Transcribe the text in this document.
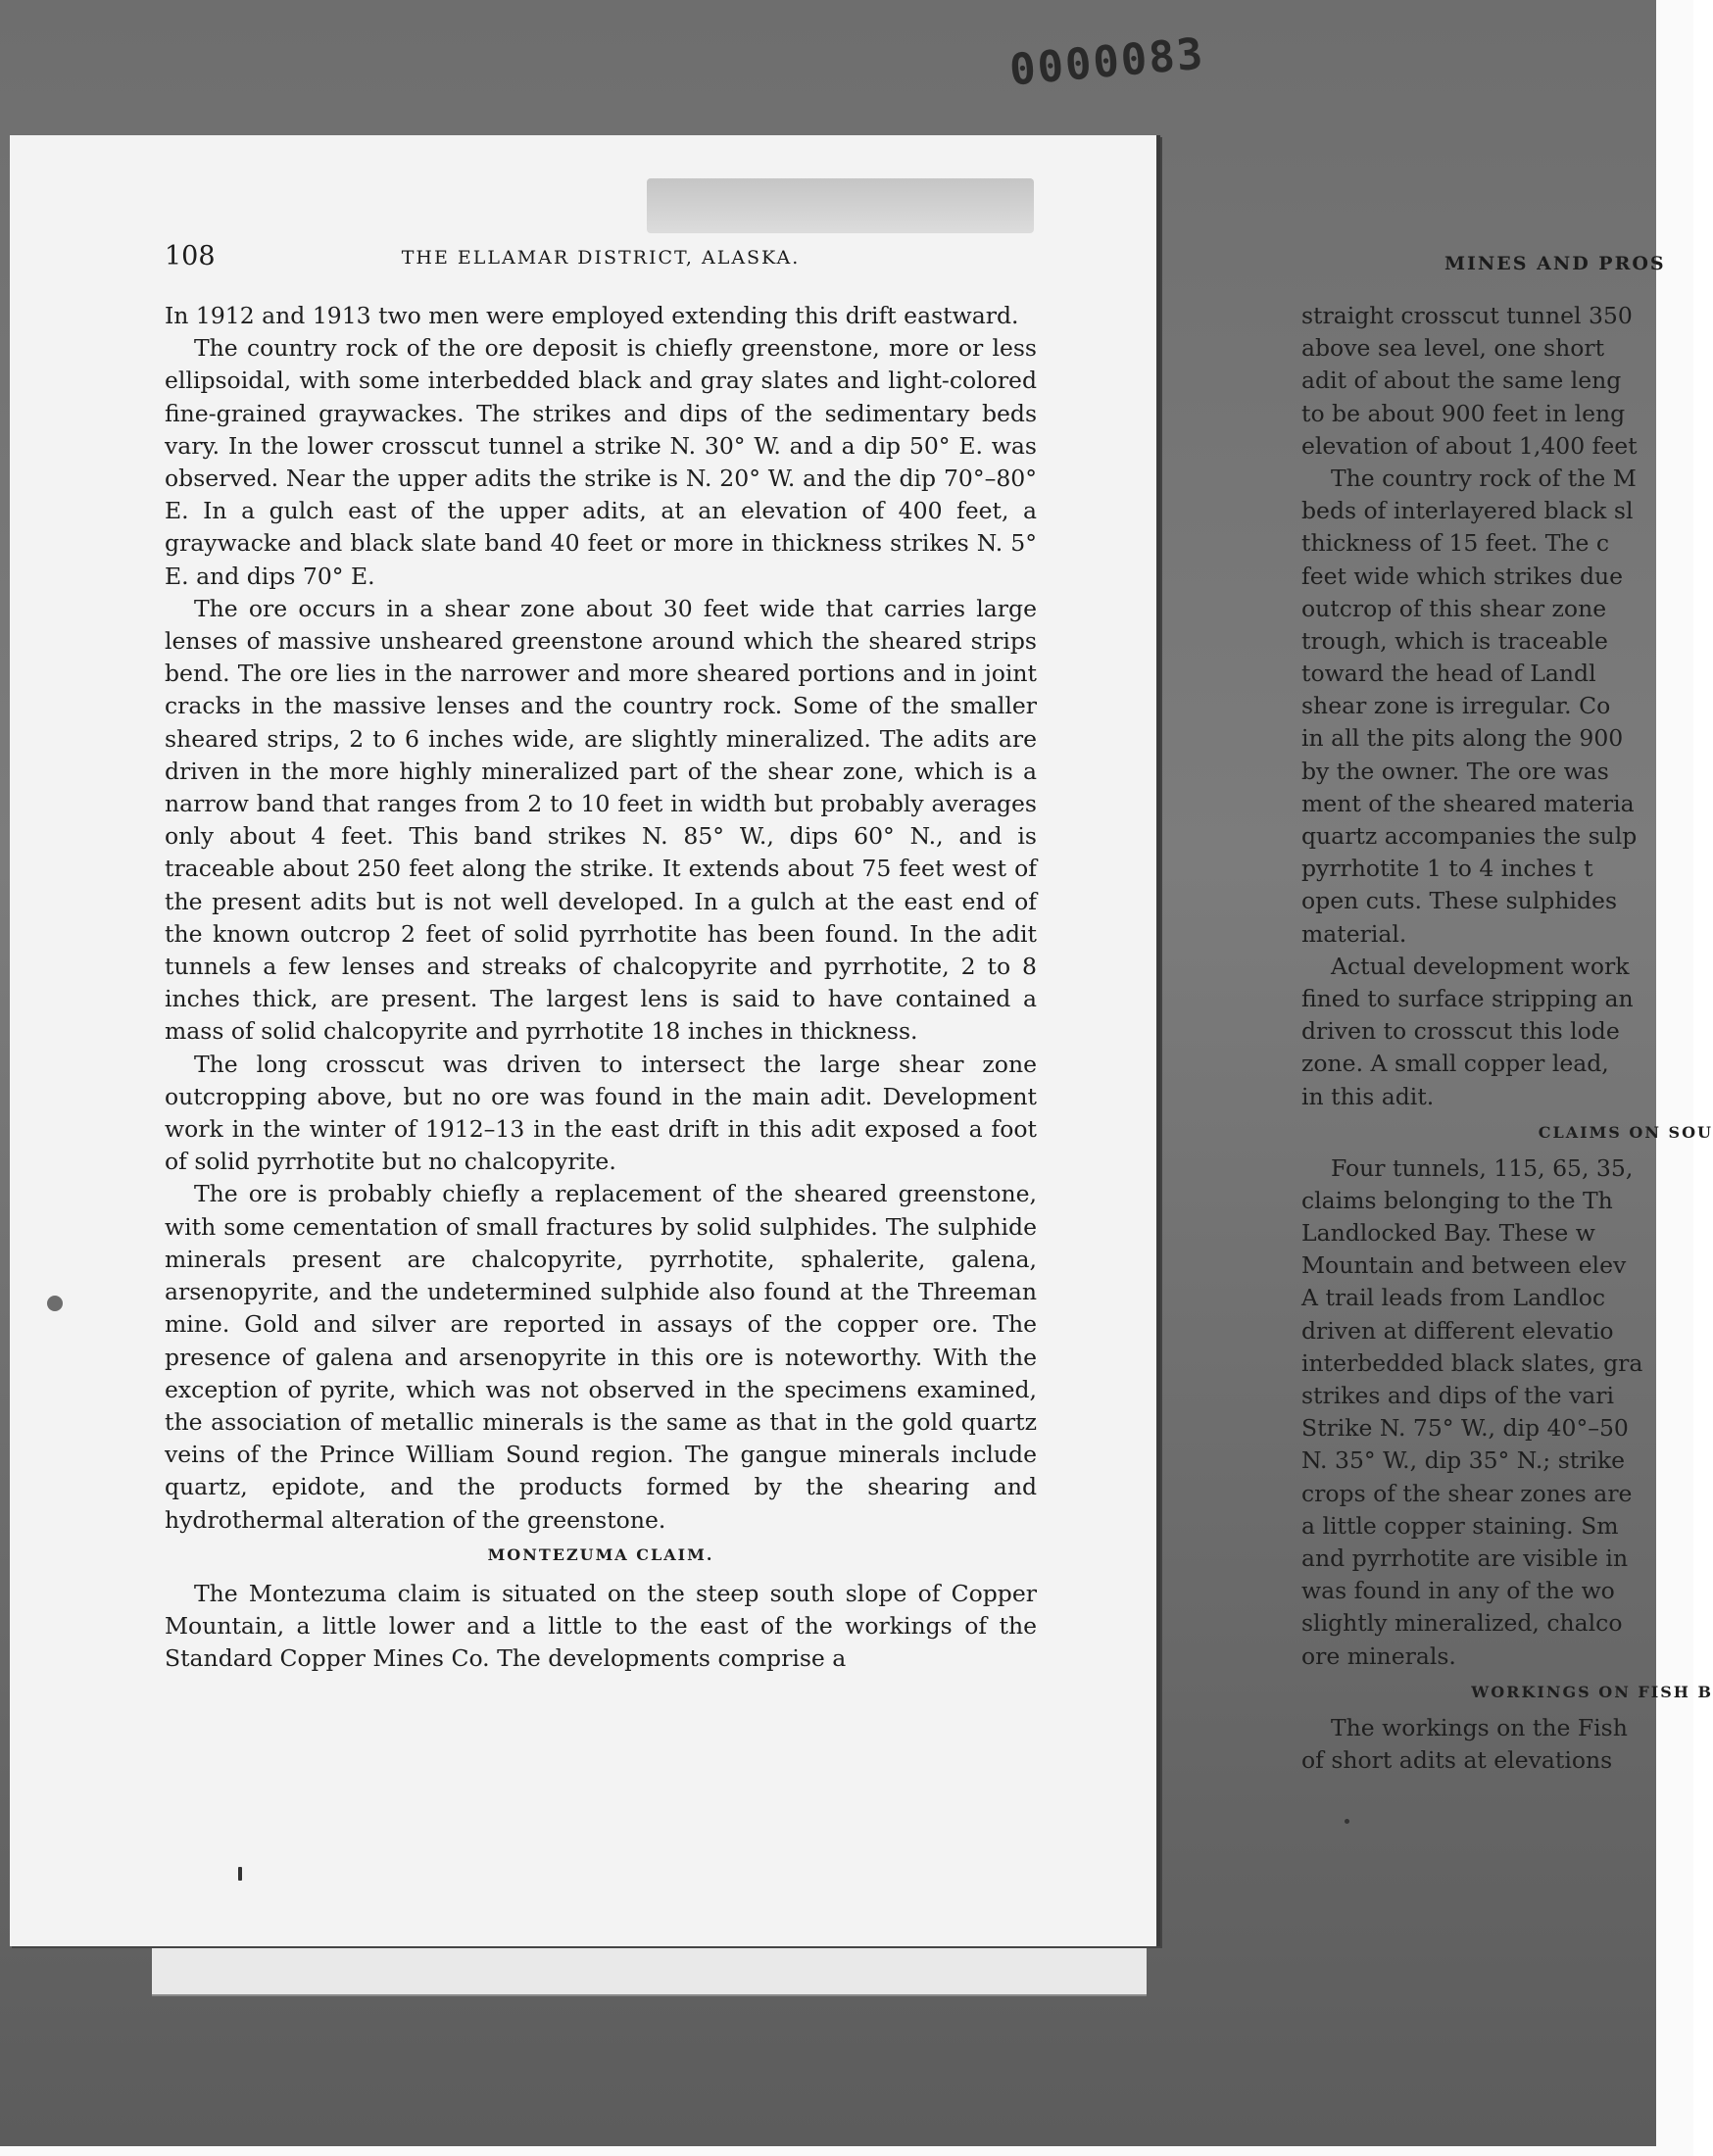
0000083
108	THE ELLAMAR DISTRICT, ALASKA.

In 1912 and 1913 two men were employed extending this drift eastward.

The country rock of the ore deposit is chiefly greenstone, more or less ellipsoidal, with some interbedded black and gray slates and light-colored fine-grained graywackes. The strikes and dips of the sedimentary beds vary. In the lower crosscut tunnel a strike N. 30° W. and a dip 50° E. was observed. Near the upper adits the strike is N. 20° W. and the dip 70°–80° E. In a gulch east of the upper adits, at an elevation of 400 feet, a graywacke and black slate band 40 feet or more in thickness strikes N. 5° E. and dips 70° E.

The ore occurs in a shear zone about 30 feet wide that carries large lenses of massive unsheared greenstone around which the sheared strips bend. The ore lies in the narrower and more sheared portions and in joint cracks in the massive lenses and the country rock. Some of the smaller sheared strips, 2 to 6 inches wide, are slightly mineralized. The adits are driven in the more highly mineralized part of the shear zone, which is a narrow band that ranges from 2 to 10 feet in width but probably averages only about 4 feet. This band strikes N. 85° W., dips 60° N., and is traceable about 250 feet along the strike. It extends about 75 feet west of the present adits but is not well developed. In a gulch at the east end of the known outcrop 2 feet of solid pyrrhotite has been found. In the adit tunnels a few lenses and streaks of chalcopyrite and pyrrhotite, 2 to 8 inches thick, are present. The largest lens is said to have contained a mass of solid chalcopyrite and pyrrhotite 18 inches in thickness.

The long crosscut was driven to intersect the large shear zone outcropping above, but no ore was found in the main adit. Development work in the winter of 1912–13 in the east drift in this adit exposed a foot of solid pyrrhotite but no chalcopyrite.

The ore is probably chiefly a replacement of the sheared greenstone, with some cementation of small fractures by solid sulphides. The sulphide minerals present are chalcopyrite, pyrrhotite, sphalerite, galena, arsenopyrite, and the undetermined sulphide also found at the Threeman mine. Gold and silver are reported in assays of the copper ore. The presence of galena and arsenopyrite in this ore is noteworthy. With the exception of pyrite, which was not observed in the specimens examined, the association of metallic minerals is the same as that in the gold quartz veins of the Prince William Sound region. The gangue minerals include quartz, epidote, and the products formed by the shearing and hydrothermal alteration of the greenstone.

MONTEZUMA CLAIM.

The Montezuma claim is situated on the steep south slope of Copper Mountain, a little lower and a little to the east of the workings of the Standard Copper Mines Co. The developments comprise a

MINES AND PROS
straight crosscut tunnel 350
above sea level, one short
adit of about the same leng
to be about 900 feet in leng
elevation of about 1,400 feet
The country rock of the M
beds of interlayered black sl
thickness of 15 feet. The c
feet wide which strikes due
outcrop of this shear zone
trough, which is traceable
toward the head of Landl
shear zone is irregular. Co
in all the pits along the 900
by the owner. The ore was
ment of the sheared materia
quartz accompanies the sulp
pyrrhotite 1 to 4 inches t
open cuts. These sulphides
material.
Actual development work
fined to surface stripping an
driven to crosscut this lode
zone. A small copper lead,
in this adit.
CLAIMS ON SOU
Four tunnels, 115, 65, 35,
claims belonging to the Th
Landlocked Bay. These w
Mountain and between elev
A trail leads from Landloc
driven at different elevatio
interbedded black slates, gra
strikes and dips of the vari
Strike N. 75° W., dip 40°–50
N. 35° W., dip 35° N.; strike
crops of the shear zones are
a little copper staining. Sm
and pyrrhotite are visible in
was found in any of the wo
slightly mineralized, chalco
ore minerals.
WORKINGS ON FISH B
The workings on the Fish
of short adits at elevations
